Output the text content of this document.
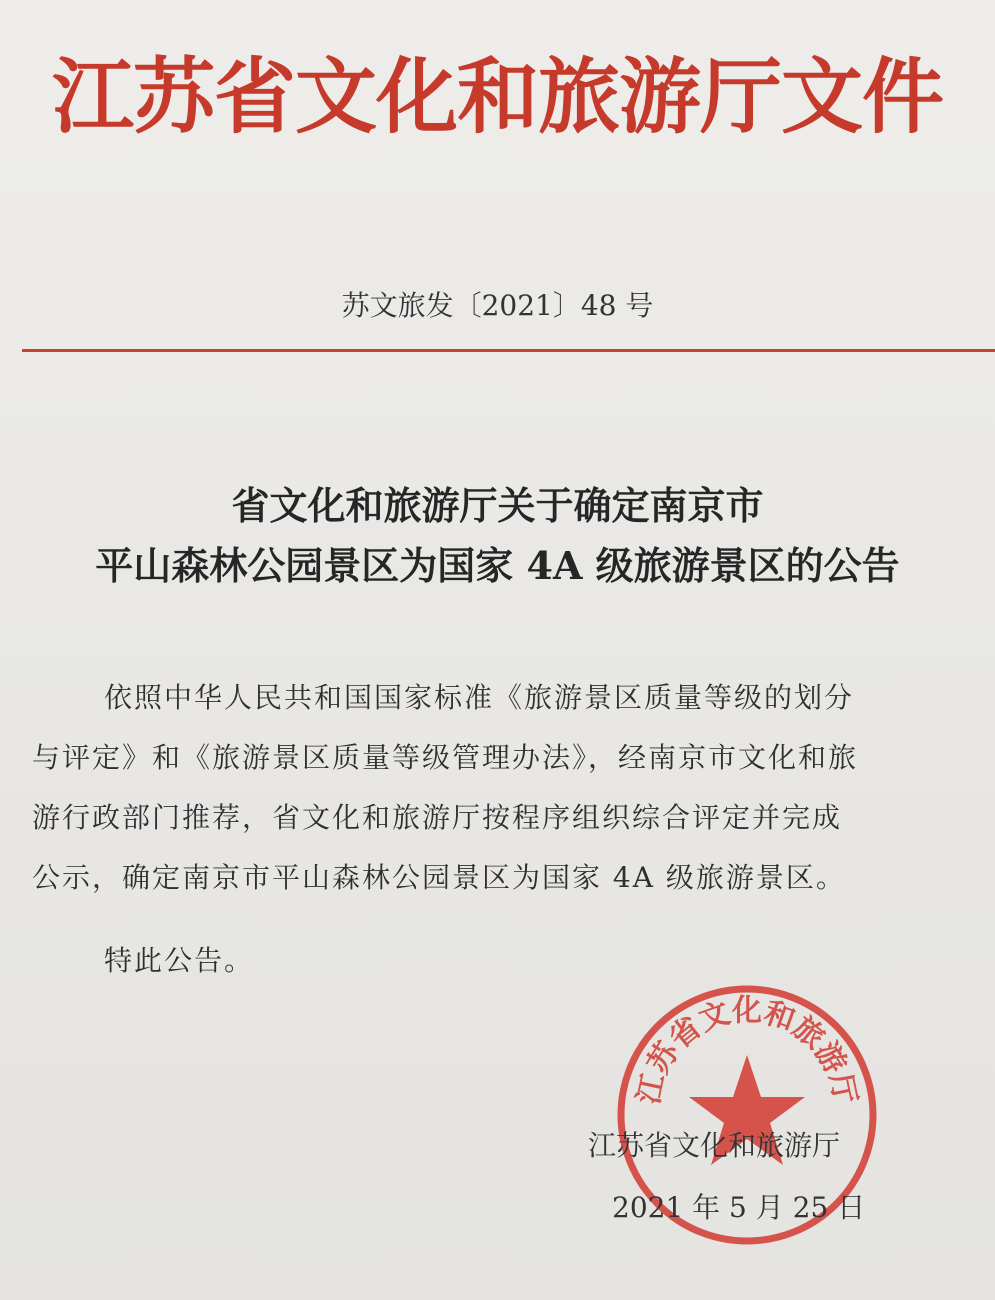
江苏省文化和旅游厅文件
苏文旅发〔2021〕48 号
省文化和旅游厅关于确定南京市
平山森林公园景区为国家 4A 级旅游景区的公告
依照中华人民共和国国家标准《旅游景区质量等级的划分
与评定》和《旅游景区质量等级管理办法》，经南京市文化和旅
游行政部门推荐，省文化和旅游厅按程序组织综合评定并完成
公示，确定南京市平山森林公园景区为国家 4A 级旅游景区。
特此公告。
江苏省文化和旅游厅
江苏省文化和旅游厅
2021 年 5 月 25 日
